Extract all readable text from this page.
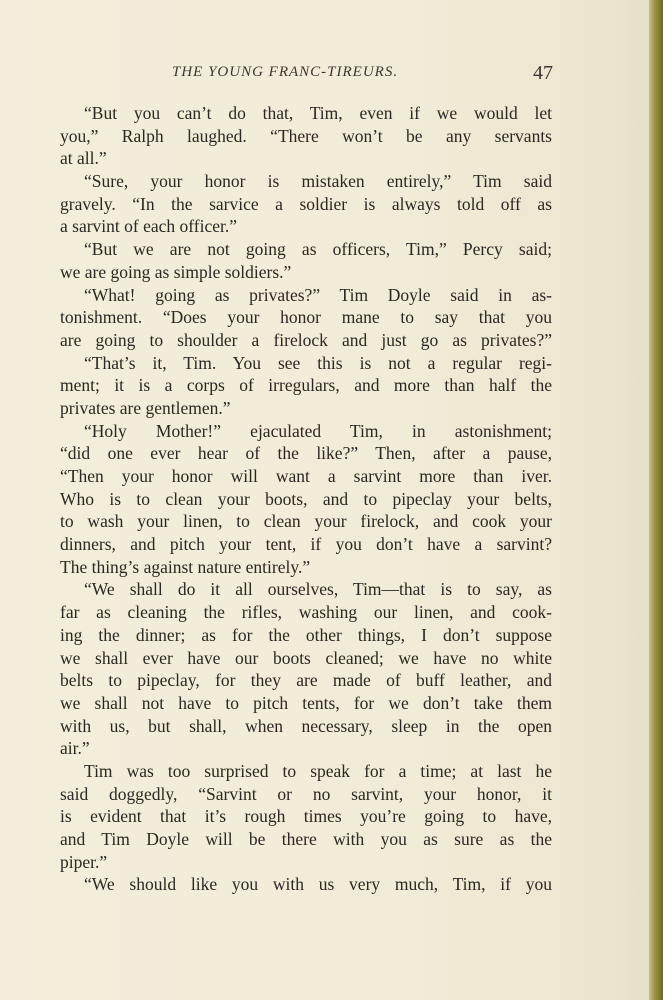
THE YOUNG FRANC-TIREURS.	47
“But you can’t do that, Tim, even if we would let
you,” Ralph laughed. “There won’t be any servants
at all.”
“Sure, your honor is mistaken entirely,” Tim said
gravely. “In the sarvice a soldier is always told off as
a sarvint of each officer.”
“But we are not going as officers, Tim,” Percy said;
we are going as simple soldiers.”
“What! going as privates?” Tim Doyle said in as-
tonishment. “Does your honor mane to say that you
are going to shoulder a firelock and just go as privates?”
“That’s it, Tim. You see this is not a regular regi-
ment; it is a corps of irregulars, and more than half the
privates are gentlemen.”
“Holy Mother!” ejaculated Tim, in astonishment;
“did one ever hear of the like?” Then, after a pause,
“Then your honor will want a sarvint more than iver.
Who is to clean your boots, and to pipeclay your belts,
to wash your linen, to clean your firelock, and cook your
dinners, and pitch your tent, if you don’t have a sarvint?
The thing’s against nature entirely.”
“We shall do it all ourselves, Tim—that is to say, as
far as cleaning the rifles, washing our linen, and cook-
ing the dinner; as for the other things, I don’t suppose
we shall ever have our boots cleaned; we have no white
belts to pipeclay, for they are made of buff leather, and
we shall not have to pitch tents, for we don’t take them
with us, but shall, when necessary, sleep in the open
air.”
Tim was too surprised to speak for a time; at last he
said doggedly, “Sarvint or no sarvint, your honor, it
is evident that it’s rough times you’re going to have,
and Tim Doyle will be there with you as sure as the
piper.”
“We should like you with us very much, Tim, if you
